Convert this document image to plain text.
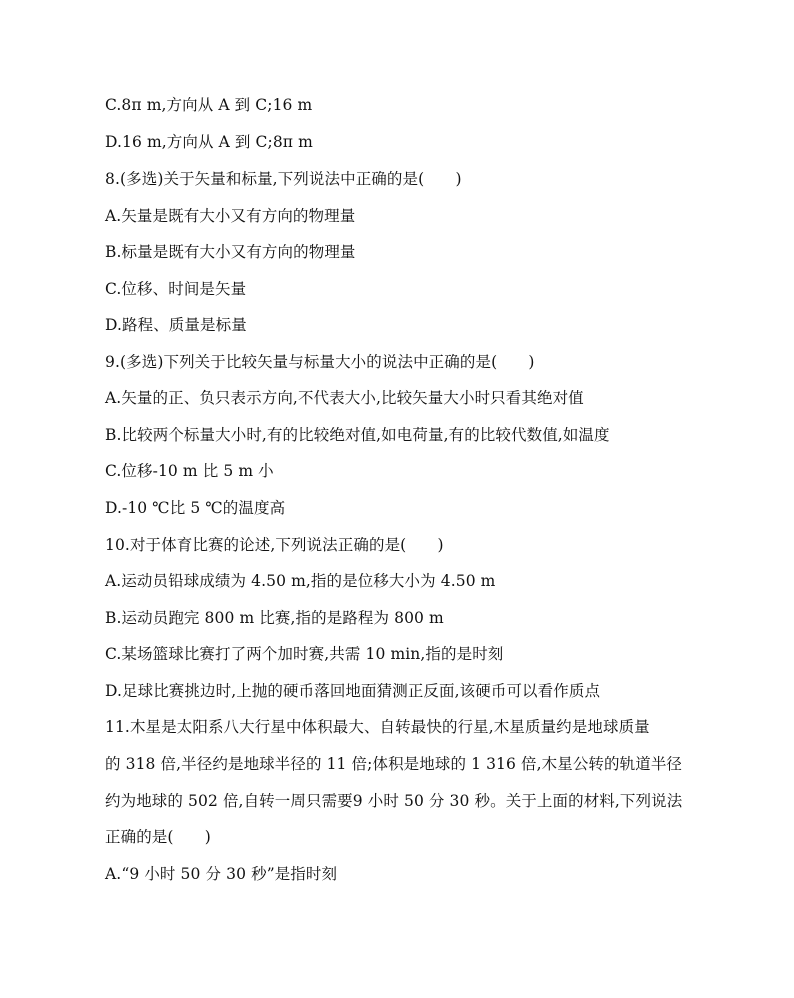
C.8π m,方向从 A 到 C;16 m
D.16 m,方向从 A 到 C;8π m
8.(多选)关于矢量和标量,下列说法中正确的是(　　)
A.矢量是既有大小又有方向的物理量
B.标量是既有大小又有方向的物理量
C.位移、时间是矢量
D.路程、质量是标量
9.(多选)下列关于比较矢量与标量大小的说法中正确的是(　　)
A.矢量的正、负只表示方向,不代表大小,比较矢量大小时只看其绝对值
B.比较两个标量大小时,有的比较绝对值,如电荷量,有的比较代数值,如温度
C.位移-10 m 比 5 m 小
D.-10 ℃比 5 ℃的温度高
10.对于体育比赛的论述,下列说法正确的是(　　)
A.运动员铅球成绩为 4.50 m,指的是位移大小为 4.50 m
B.运动员跑完 800 m 比赛,指的是路程为 800 m
C.某场篮球比赛打了两个加时赛,共需 10 min,指的是时刻
D.足球比赛挑边时,上抛的硬币落回地面猜测正反面,该硬币可以看作质点
11.木星是太阳系八大行星中体积最大、自转最快的行星,木星质量约是地球质量
的 318 倍,半径约是地球半径的 11 倍;体积是地球的 1 316 倍,木星公转的轨道半径
约为地球的 502 倍,自转一周只需要9 小时 50 分 30 秒。关于上面的材料,下列说法
正确的是(　　)
A.“9 小时 50 分 30 秒”是指时刻
